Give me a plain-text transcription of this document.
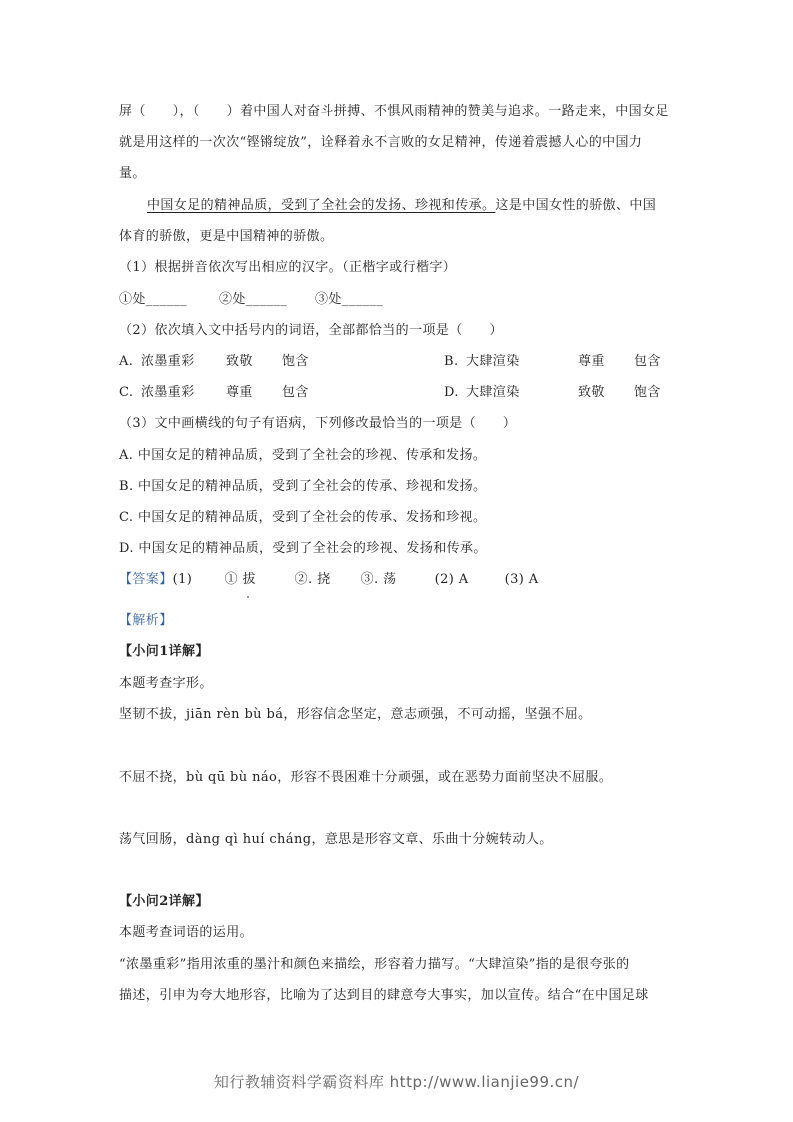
屏（　　），（　　）着中国人对奋斗拼搏、不惧风雨精神的赞美与追求。一路走来，中国女足
就是用这样的一次次“铿锵绽放”，诠释着永不言败的女足精神，传递着震撼人心的中国力
量。
中国女足的精神品质，受到了全社会的发扬、珍视和传承。这是中国女性的骄傲、中国
体育的骄傲，更是中国精神的骄傲。
（1）根据拼音依次写出相应的汉字。（正楷字或行楷字）
①处______ ②处______ ③处______
（2）依次填入文中括号内的词语，全部都恰当的一项是（　　）
A. 浓墨重彩 致敬 饱含	B. 大肆渲染	尊重 包含
C. 浓墨重彩 尊重 包含	D. 大肆渲染	致敬 饱含
（3）文中画横线的句子有语病，下列修改最恰当的一项是（　　）
A. 中国女足的精神品质，受到了全社会的珍视、传承和发扬。
B. 中国女足的精神品质，受到了全社会的传承、珍视和发扬。
C. 中国女足的精神品质，受到了全社会的传承、发扬和珍视。
D. 中国女足的精神品质，受到了全社会的珍视、发扬和传承。
【答案】(1) ① 拔	②. 挠 ③. 荡	(2) A	(3) A
【解析】
【小问1详解】
本题考查字形。
坚韧不拔，jiān rèn bù bá，形容信念坚定，意志顽强，不可动摇，坚强不屈。
不屈不挠，bù qū bù náo，形容不畏困难十分顽强，或在恶势力面前坚决不屈服。
荡气回肠，dàng qì huí cháng，意思是形容文章、乐曲十分婉转动人。
【小问2详解】
本题考查词语的运用。
“浓墨重彩”指用浓重的墨汁和颜色来描绘，形容着力描写。“大肆渲染”指的是很夸张的
描述，引申为夸大地形容，比喻为了达到目的肆意夸大事实，加以宣传。结合“在中国足球
知行教辅资料学霸资料库 http://www.lianjie99.cn/
